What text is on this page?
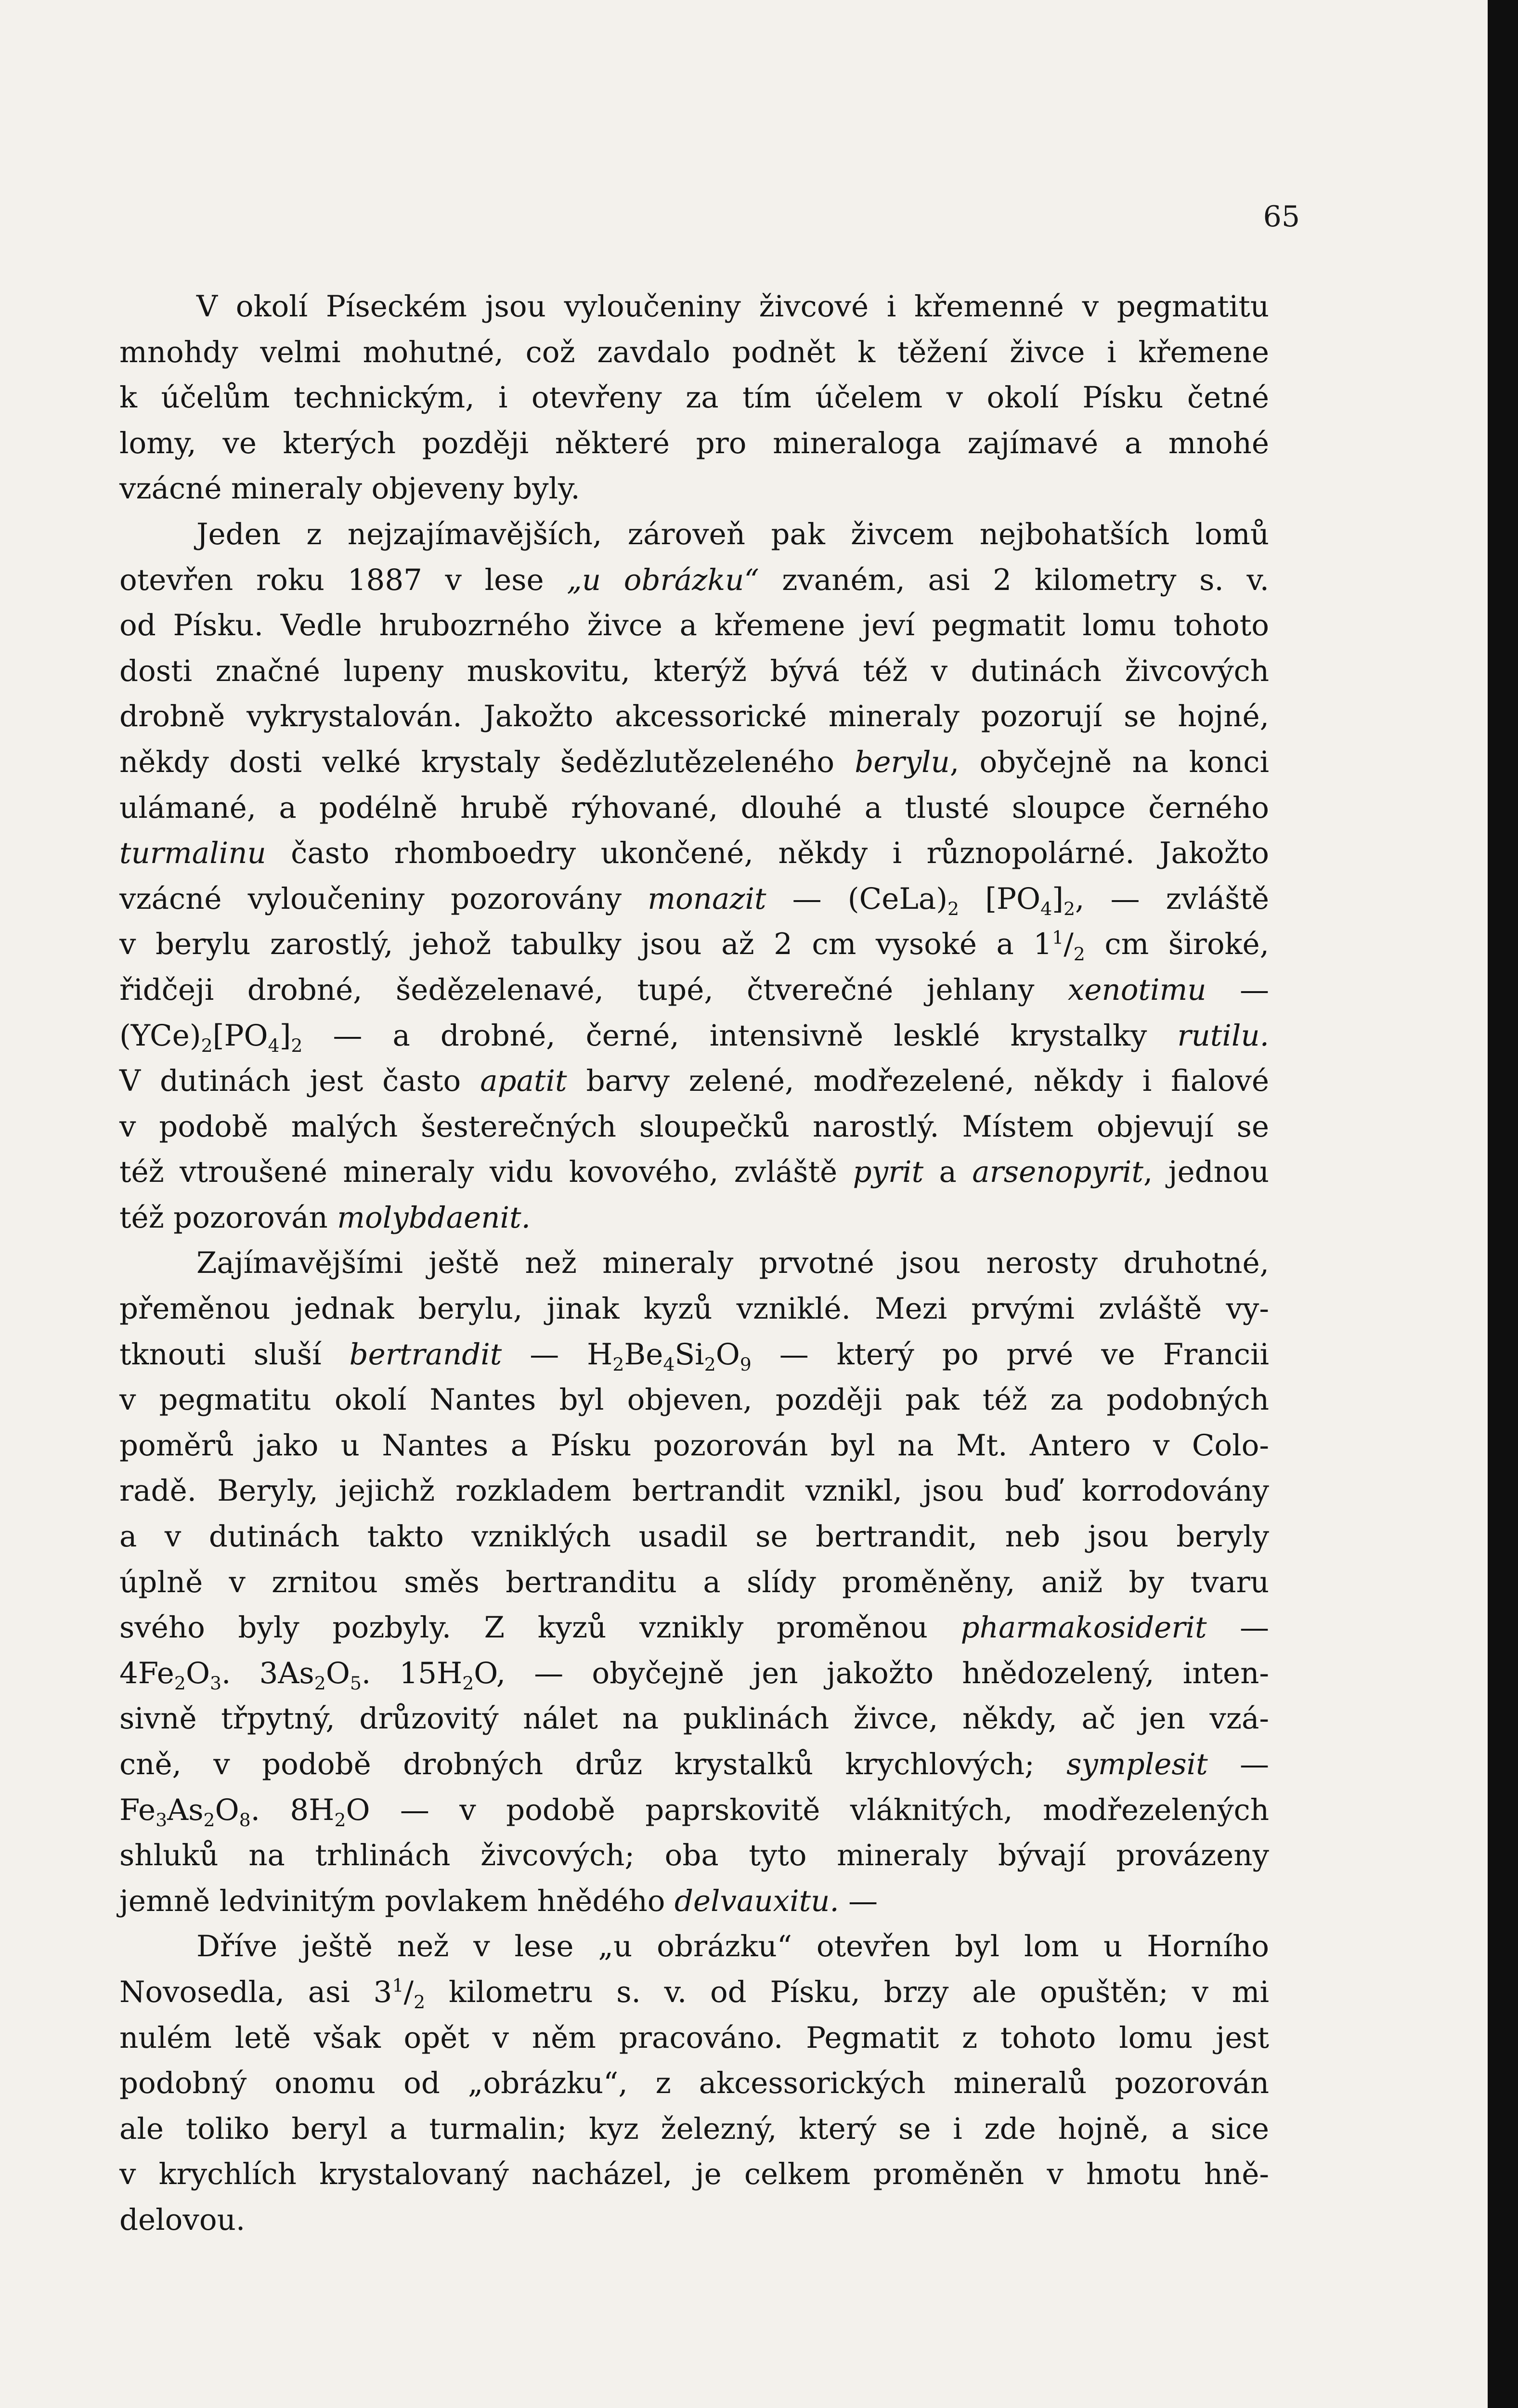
65
V okolí Píseckém jsou vyloučeniny živcové i křemenné v pegmatitu
mnohdy velmi mohutné, což zavdalo podnět k těžení živce i křemene
k účelům technickým, i otevřeny za tím účelem v okolí Písku četné
lomy, ve kterých později některé pro mineraloga zajímavé a mnohé
vzácné mineraly objeveny byly.
Jeden z nejzajímavějších, zároveň pak živcem nejbohatších lomů
otevřen roku 1887 v lese „u obrázku“ zvaném, asi 2 kilometry s. v.
od Písku. Vedle hrubozrného živce a křemene jeví pegmatit lomu tohoto
dosti značné lupeny muskovitu, kterýž bývá též v dutinách živcových
drobně vykrystalován. Jakožto akcessorické mineraly pozorují se hojné,
někdy dosti velké krystaly šedězlutězeleného berylu, obyčejně na konci
ulámané, a podélně hrubě rýhované, dlouhé a tlusté sloupce černého
turmalinu často rhomboedry ukončené, někdy i různopolárné. Jakožto
vzácné vyloučeniny pozorovány monazit — $(CeLa)_2$ $[PO_4]_2$, — zvláště
v berylu zarostlý, jehož tabulky jsou až 2 cm vysoké a $1^1/_2$ cm široké,
řidčeji drobné, šedězelenavé, tupé, čtverečné jehlany xenotimu —
$(YCe)_2[PO_4]_2$ — a drobné, černé, intensivně lesklé krystalky rutilu.
V dutinách jest často apatit barvy zelené, modřezelené, někdy i fialové
v podobě malých šesterečných sloupečků narostlý. Místem objevují se
též vtroušené mineraly vidu kovového, zvláště pyrit a arsenopyrit, jednou
též pozorován molybdaenit.
Zajímavějšími ještě než mineraly prvotné jsou nerosty druhotné,
přeměnou jednak berylu, jinak kyzů vzniklé. Mezi prvými zvláště vy-
tknouti sluší bertrandit — $H_2Be_4Si_2O_9$ — který po prvé ve Francii
v pegmatitu okolí Nantes byl objeven, později pak též za podobných
poměrů jako u Nantes a Písku pozorován byl na Mt. Antero v Colo-
radě. Beryly, jejichž rozkladem bertrandit vznikl, jsou buď korrodovány
a v dutinách takto vzniklých usadil se bertrandit, neb jsou beryly
úplně v zrnitou směs bertranditu a slídy proměněny, aniž by tvaru
svého byly pozbyly. Z kyzů vznikly proměnou pharmakosiderit —
$4Fe_2O_3$. $3As_2O_5$. $15H_2O$, — obyčejně jen jakožto hnědozelený, inten-
sivně třpytný, drůzovitý nálet na puklinách živce, někdy, ač jen vzá-
cně, v podobě drobných drůz krystalků krychlových; symplesit —
$Fe_3As_2O_8$. $8H_2O$ — v podobě paprskovitě vláknitých, modřezelených
shluků na trhlinách živcových; oba tyto mineraly bývají provázeny
jemně ledvinitým povlakem hnědého delvauxitu. —
Dříve ještě než v lese „u obrázku“ otevřen byl lom u Horního
Novosedla, asi $3^1/_2$ kilometru s. v. od Písku, brzy ale opuštěn; v mi
nulém letě však opět v něm pracováno. Pegmatit z tohoto lomu jest
podobný onomu od „obrázku“, z akcessorických mineralů pozorován
ale toliko beryl a turmalin; kyz železný, který se i zde hojně, a sice
v krychlích krystalovaný nacházel, je celkem proměněn v hmotu hně-
delovou.
